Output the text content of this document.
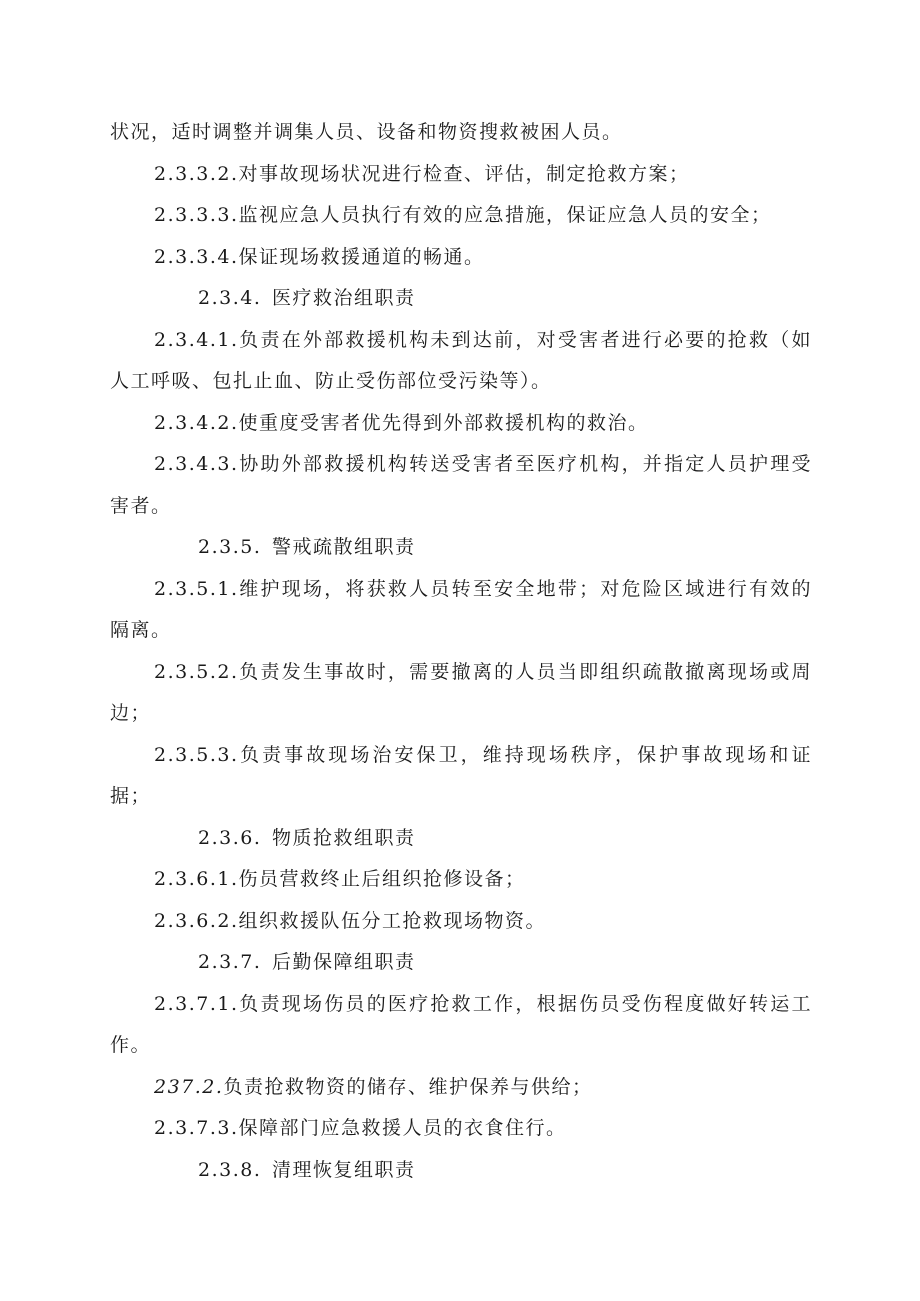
状况，适时调整并调集人员、设备和物资搜救被困人员。

2.3.3.2.对事故现场状况进行检查、评估，制定抢救方案；

2.3.3.3.监视应急人员执行有效的应急措施，保证应急人员的安全；

2.3.3.4.保证现场救援通道的畅通。

2.3.4. 医疗救治组职责

2.3.4.1.负责在外部救援机构未到达前，对受害者进行必要的抢救（如人工呼吸、包扎止血、防止受伤部位受污染等）。

2.3.4.2.使重度受害者优先得到外部救援机构的救治。

2.3.4.3.协助外部救援机构转送受害者至医疗机构，并指定人员护理受害者。

2.3.5. 警戒疏散组职责

2.3.5.1.维护现场，将获救人员转至安全地带；对危险区域进行有效的隔离。

2.3.5.2.负责发生事故时，需要撤离的人员当即组织疏散撤离现场或周边；

2.3.5.3.负责事故现场治安保卫，维持现场秩序，保护事故现场和证据；

2.3.6. 物质抢救组职责

2.3.6.1.伤员营救终止后组织抢修设备；

2.3.6.2.组织救援队伍分工抢救现场物资。

2.3.7. 后勤保障组职责

2.3.7.1.负责现场伤员的医疗抢救工作，根据伤员受伤程度做好转运工作。

237.2.负责抢救物资的储存、维护保养与供给；

2.3.7.3.保障部门应急救援人员的衣食住行。

2.3.8. 清理恢复组职责
